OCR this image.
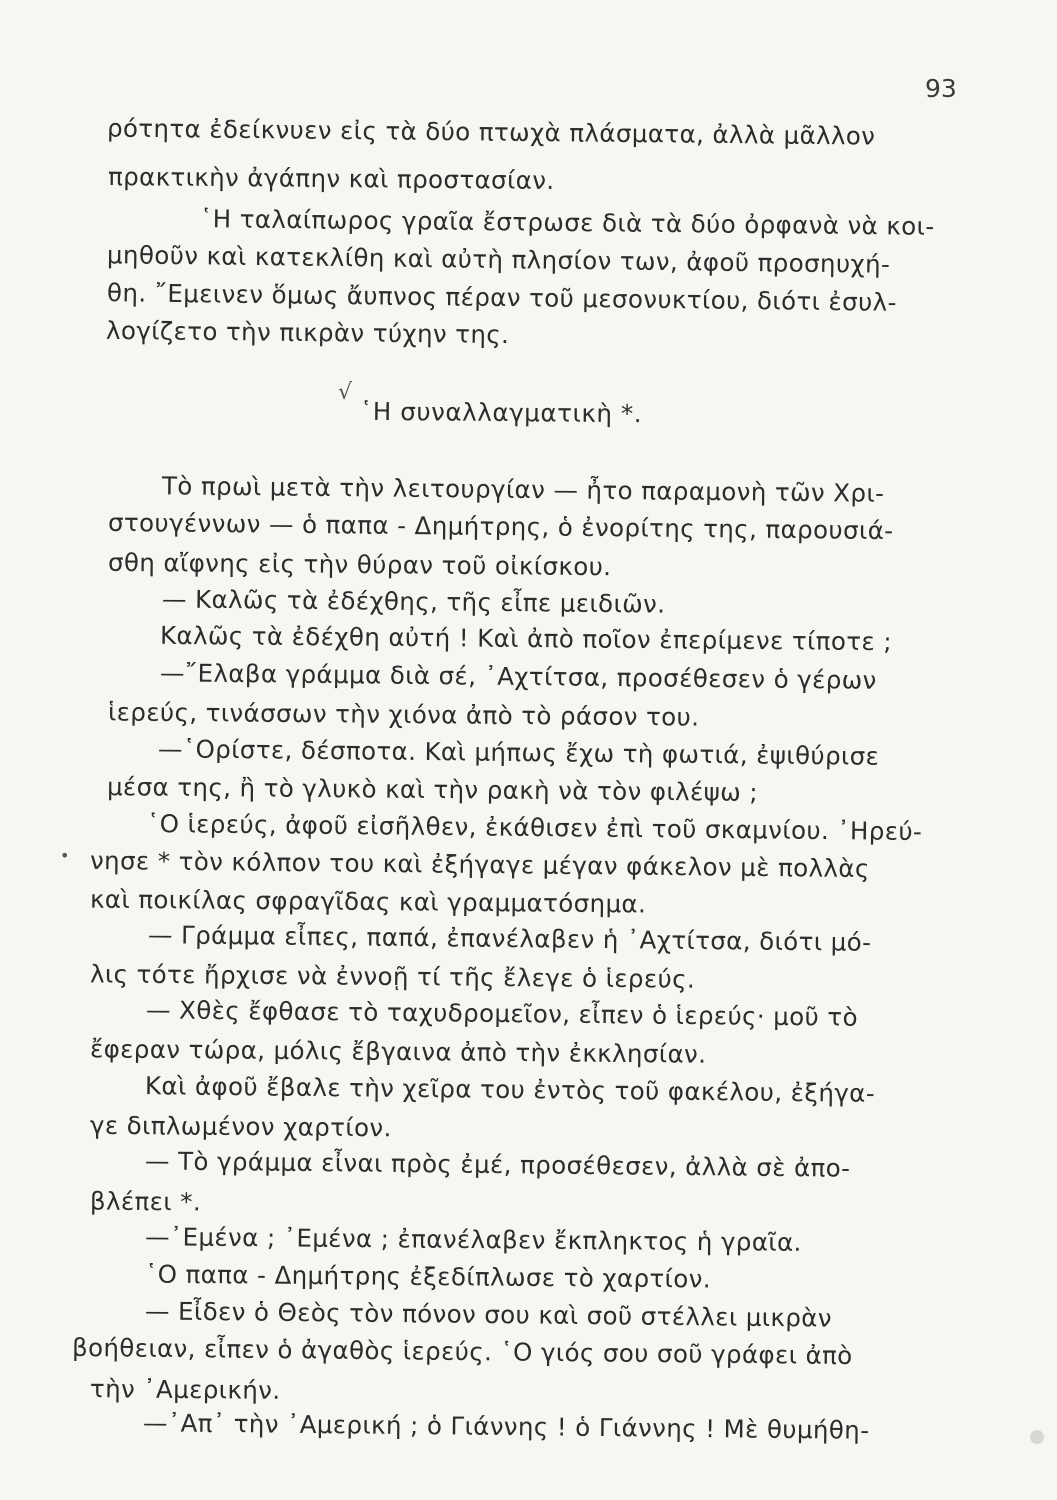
93
√
•
ρότητα ἐδείκνυεν εἰς τὰ δύο πτωχὰ πλάσματα, ἀλλὰ μᾶλλον
πρακτικὴν ἀγάπην καὶ προστασίαν.
῾Η ταλαίπωρος γραῖα ἔστρωσε διὰ τὰ δύο ὀρφανὰ νὰ κοι-
μηθοῦν καὶ κατεκλίθη καὶ αὐτὴ πλησίον των, ἀφοῦ προσηυχή-
θη. ῎Εμεινεν ὅμως ἄυπνος πέραν τοῦ μεσονυκτίου, διότι ἐσυλ-
λογίζετο τὴν πικρὰν τύχην της.
῾Η συναλλαγματικὴ *.
Τὸ πρωὶ μετὰ τὴν λειτουργίαν — ἦτο παραμονὴ τῶν Χρι-
στουγέννων — ὁ παπα - Δημήτρης, ὁ ἐνορίτης της, παρουσιά-
σθη αἴφνης εἰς τὴν θύραν τοῦ οἰκίσκου.
— Καλῶς τὰ ἐδέχθης, τῆς εἶπε μειδιῶν.
Καλῶς τὰ ἐδέχθη αὐτή ! Καὶ ἀπὸ ποῖον ἐπερίμενε τίποτε ;
—῎Ελαβα γράμμα διὰ σέ, ᾿Αχτίτσα, προσέθεσεν ὁ γέρων
ἱερεύς, τινάσσων τὴν χιόνα ἀπὸ τὸ ράσον του.
—῾Ορίστε, δέσποτα. Καὶ μήπως ἔχω τὴ φωτιά, ἐψιθύρισε
μέσα της, ἢ τὸ γλυκὸ καὶ τὴν ρακὴ νὰ τὸν φιλέψω ;
῾Ο ἱερεύς, ἀφοῦ εἰσῆλθεν, ἐκάθισεν ἐπὶ τοῦ σκαμνίου. ᾿Ηρεύ-
νησε * τὸν κόλπον του καὶ ἐξήγαγε μέγαν φάκελον μὲ πολλὰς
καὶ ποικίλας σφραγῖδας καὶ γραμματόσημα.
— Γράμμα εἶπες, παπά, ἐπανέλαβεν ἡ ᾿Αχτίτσα, διότι μό-
λις τότε ἤρχισε νὰ ἐννοῇ τί τῆς ἔλεγε ὁ ἱερεύς.
— Χθὲς ἔφθασε τὸ ταχυδρομεῖον, εἶπεν ὁ ἱερεύς· μοῦ τὸ
ἔφεραν τώρα, μόλις ἔβγαινα ἀπὸ τὴν ἐκκλησίαν.
Καὶ ἀφοῦ ἔβαλε τὴν χεῖρα του ἐντὸς τοῦ φακέλου, ἐξήγα-
γε διπλωμένον χαρτίον.
— Τὸ γράμμα εἶναι πρὸς ἐμέ, προσέθεσεν, ἀλλὰ σὲ ἀπο-
βλέπει *.
—᾿Εμένα ; ᾿Εμένα ; ἐπανέλαβεν ἔκπληκτος ἡ γραῖα.
῾Ο παπα - Δημήτρης ἐξεδίπλωσε τὸ χαρτίον.
— Εἶδεν ὁ Θεὸς τὸν πόνον σου καὶ σοῦ στέλλει μικρὰν
βοήθειαν, εἶπεν ὁ ἀγαθὸς ἱερεύς. ῾Ο γιός σου σοῦ γράφει ἀπὸ
τὴν ᾿Αμερικήν.
—᾿Απ᾿ τὴν ᾿Αμερική ; ὁ Γιάννης ! ὁ Γιάννης ! Μὲ θυμήθη-
